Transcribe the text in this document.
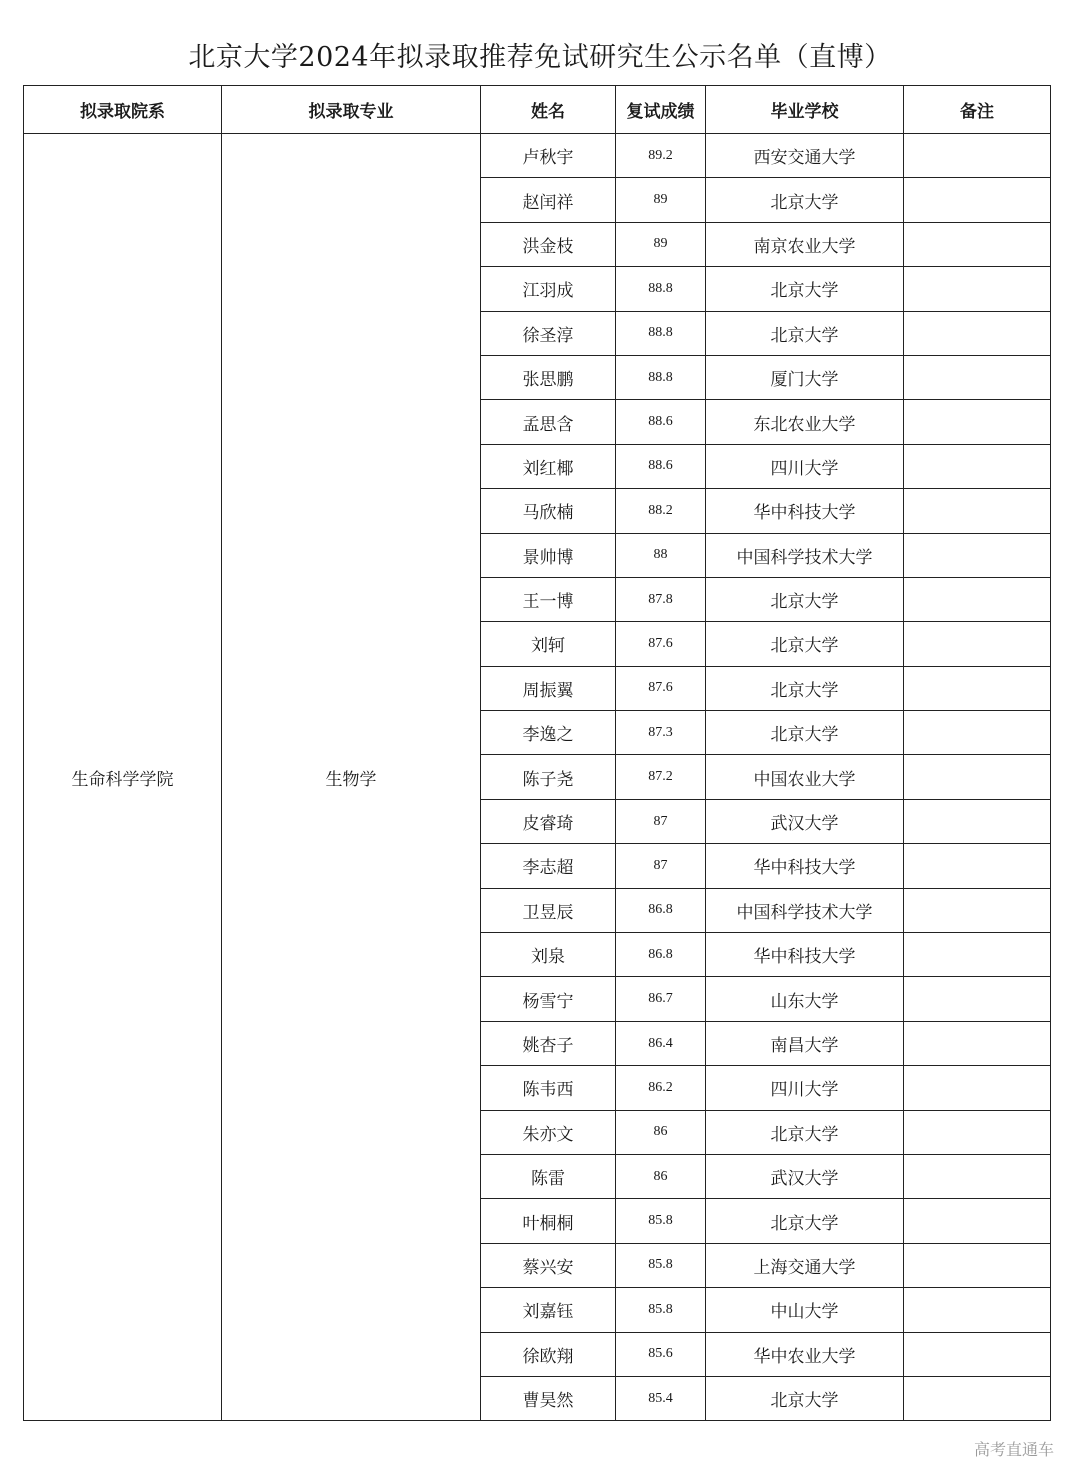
北京大学2024年拟录取推荐免试研究生公示名单（直博）
拟录取院系	拟录取专业	姓名	复试成绩	毕业学校	备注
生命科学学院	生物学	卢秋宇	89.2	西安交通大学	
		赵闰祥	89	北京大学	
		洪金枝	89	南京农业大学	
		江羽成	88.8	北京大学	
		徐圣淳	88.8	北京大学	
		张思鹏	88.8	厦门大学	
		孟思含	88.6	东北农业大学	
		刘红椰	88.6	四川大学	
		马欣楠	88.2	华中科技大学	
		景帅博	88	中国科学技术大学	
		王一博	87.8	北京大学	
		刘轲	87.6	北京大学	
		周振翼	87.6	北京大学	
		李逸之	87.3	北京大学	
		陈子尧	87.2	中国农业大学	
		皮睿琦	87	武汉大学	
		李志超	87	华中科技大学	
		卫昱辰	86.8	中国科学技术大学	
		刘泉	86.8	华中科技大学	
		杨雪宁	86.7	山东大学	
		姚杏子	86.4	南昌大学	
		陈韦西	86.2	四川大学	
		朱亦文	86	北京大学	
		陈雷	86	武汉大学	
		叶桐桐	85.8	北京大学	
		蔡兴安	85.8	上海交通大学	
		刘嘉钰	85.8	中山大学	
		徐欧翔	85.6	华中农业大学	
		曹昊然	85.4	北京大学	
高考直通车
